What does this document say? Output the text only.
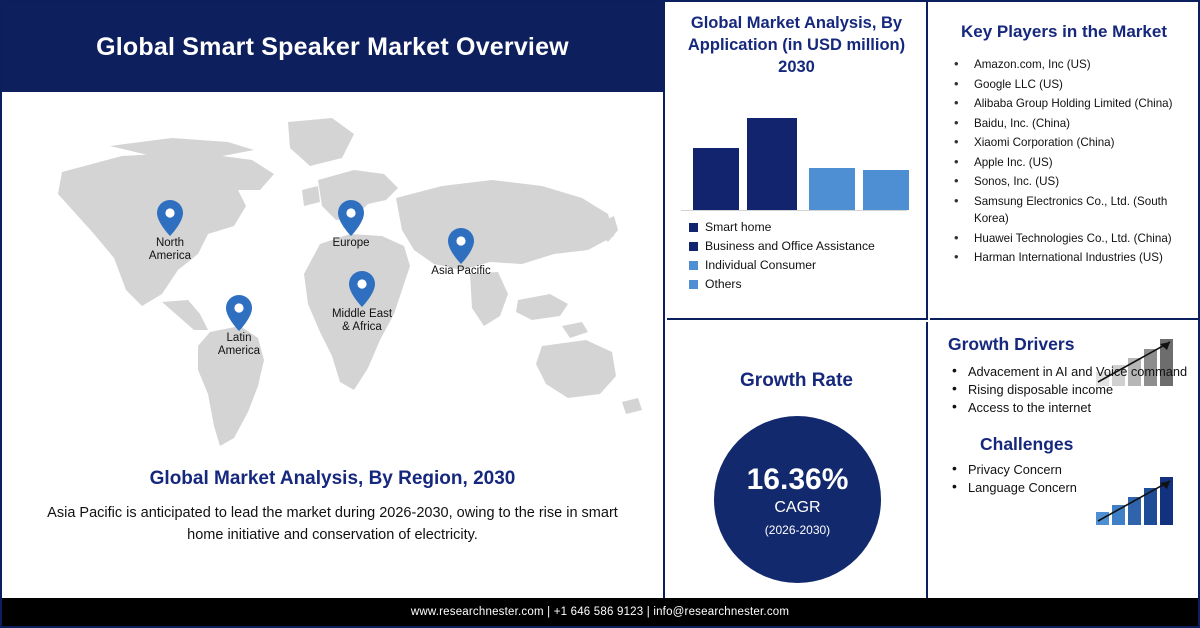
Global Smart Speaker Market Overview
North
America
Europe
Asia Pacific
Middle East
& Africa
Latin
America
Global Market Analysis, By Region, 2030
Asia Pacific is anticipated to lead the market during 2026-2030, owing to the rise in smart home initiative and conservation of electricity.
Global Market Analysis, By Application (in USD million) 2030
Smart home
Business and Office Assistance
Individual Consumer
Others
Growth Rate
16.36%
CAGR
(2026-2030)
Key Players in the Market
• Amazon.com, Inc (US)
• Google LLC (US)
• Alibaba Group Holding Limited (China)
• Baidu, Inc. (China)
• Xiaomi Corporation (China)
• Apple Inc. (US)
• Sonos, Inc. (US)
• Samsung Electronics Co., Ltd. (South Korea)
• Huawei Technologies Co., Ltd. (China)
• Harman International Industries (US)
Growth Drivers
• Advacement in AI and Voice command
• Rising disposable income
• Access to the internet
Challenges
• Privacy Concern
• Language Concern
www.researchnester.com | +1 646 586 9123 | info@researchnester.com
